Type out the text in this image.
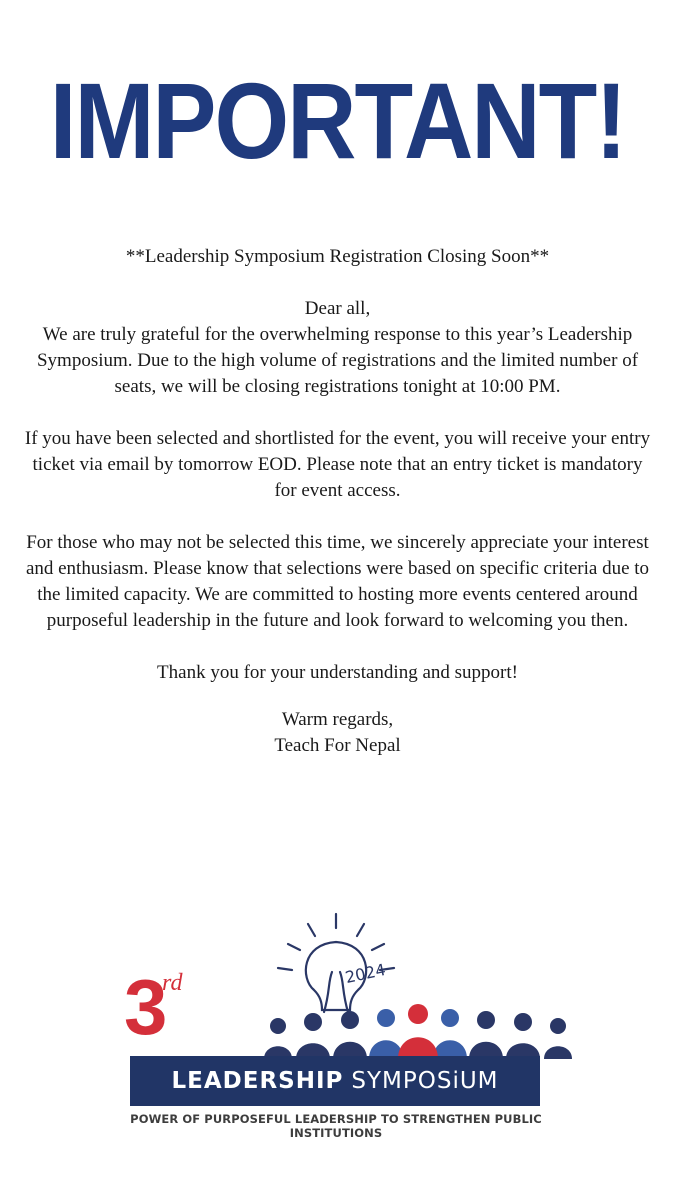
IMPORTANT!

**Leadership Symposium Registration Closing Soon**

Dear all,

We are truly grateful for the overwhelming response to this year’s Leadership Symposium. Due to the high volume of registrations and the limited number of seats, we will be closing registrations tonight at 10:00 PM.

If you have been selected and shortlisted for the event, you will receive your entry ticket via email by tomorrow EOD. Please note that an entry ticket is mandatory for event access.

For those who may not be selected this time, we sincerely appreciate your interest and enthusiasm. Please know that selections were based on specific criteria due to the limited capacity. We are committed to hosting more events centered around purposeful leadership in the future and look forward to welcoming you then.

Thank you for your understanding and support!

Warm regards,

Teach For Nepal

2024
3
rd
LEADERSHIP SYMPOSiUM
POWER OF PURPOSEFUL LEADERSHIP TO STRENGTHEN PUBLIC INSTITUTIONS
